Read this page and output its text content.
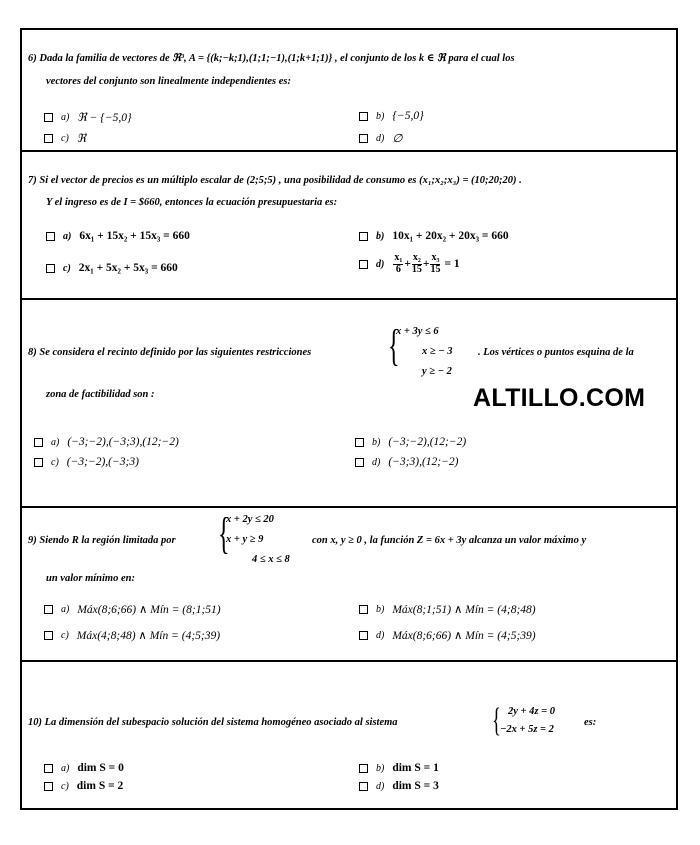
6) Dada la familia de vectores de ℜ³, A = {(k;−k;1),(1;1;−1),(1;k+1;1)} , el conjunto de los k ∈ ℜ para el cual los
vectores del conjunto son linealmente independientes es:
a) ℜ − {−5,0}	b) {−5,0}
c) ℜ	d) ∅
7) Si el vector de precios es un múltiplo escalar de (2;5;5) , una posibilidad de consumo es (x₁;x₂;x₃) = (10;20;20) .
Y el ingreso es de I = $660, entonces la ecuación presupuestaria es:
a) 6x₁ + 15x₂ + 15x₃ = 660	b) 10x₁ + 20x₂ + 20x₃ = 660
c) 2x₁ + 5x₂ + 5x₃ = 660	$d) \frac{\text{x₁}}{6} + \frac{\text{x₂}}{15} + \frac{\text{x₃}}{15} = 1$
8) Se considera el recinto definido por las siguientes restricciones {
x + 3y ≤ 6
x ≥ − 3
y ≥ − 2
. Los vértices o puntos esquina de la
zona de factibilidad son :
a) (−3;−2),(−3;3),(12;−2)	b) (−3;−2),(12;−2)
c) (−3;−2),(−3;3)	d) (−3;3),(12;−2)
9) Siendo R la región limitada por {
x + 2y ≤ 20
x + y ≥ 9
4 ≤ x ≤ 8
con x, y ≥ 0 , la función Z = 6x + 3y alcanza un valor máximo y
un valor mínimo en:
a) Máx(8;6;66) ∧ Mín = (8;1;51)	b) Máx(8;1;51) ∧ Mín = (4;8;48)
c) Máx(4;8;48) ∧ Mín = (4;5;39)	d) Máx(8;6;66) ∧ Mín = (4;5;39)
10) La dimensión del subespacio solución del sistema homogéneo asociado al sistema	{ 2y + 4z = 0
−2x + 5z = 2
es:
a) dim S = 0	b) dim S = 1
c) dim S = 2	d) dim S = 3
ALTILLO.COM
